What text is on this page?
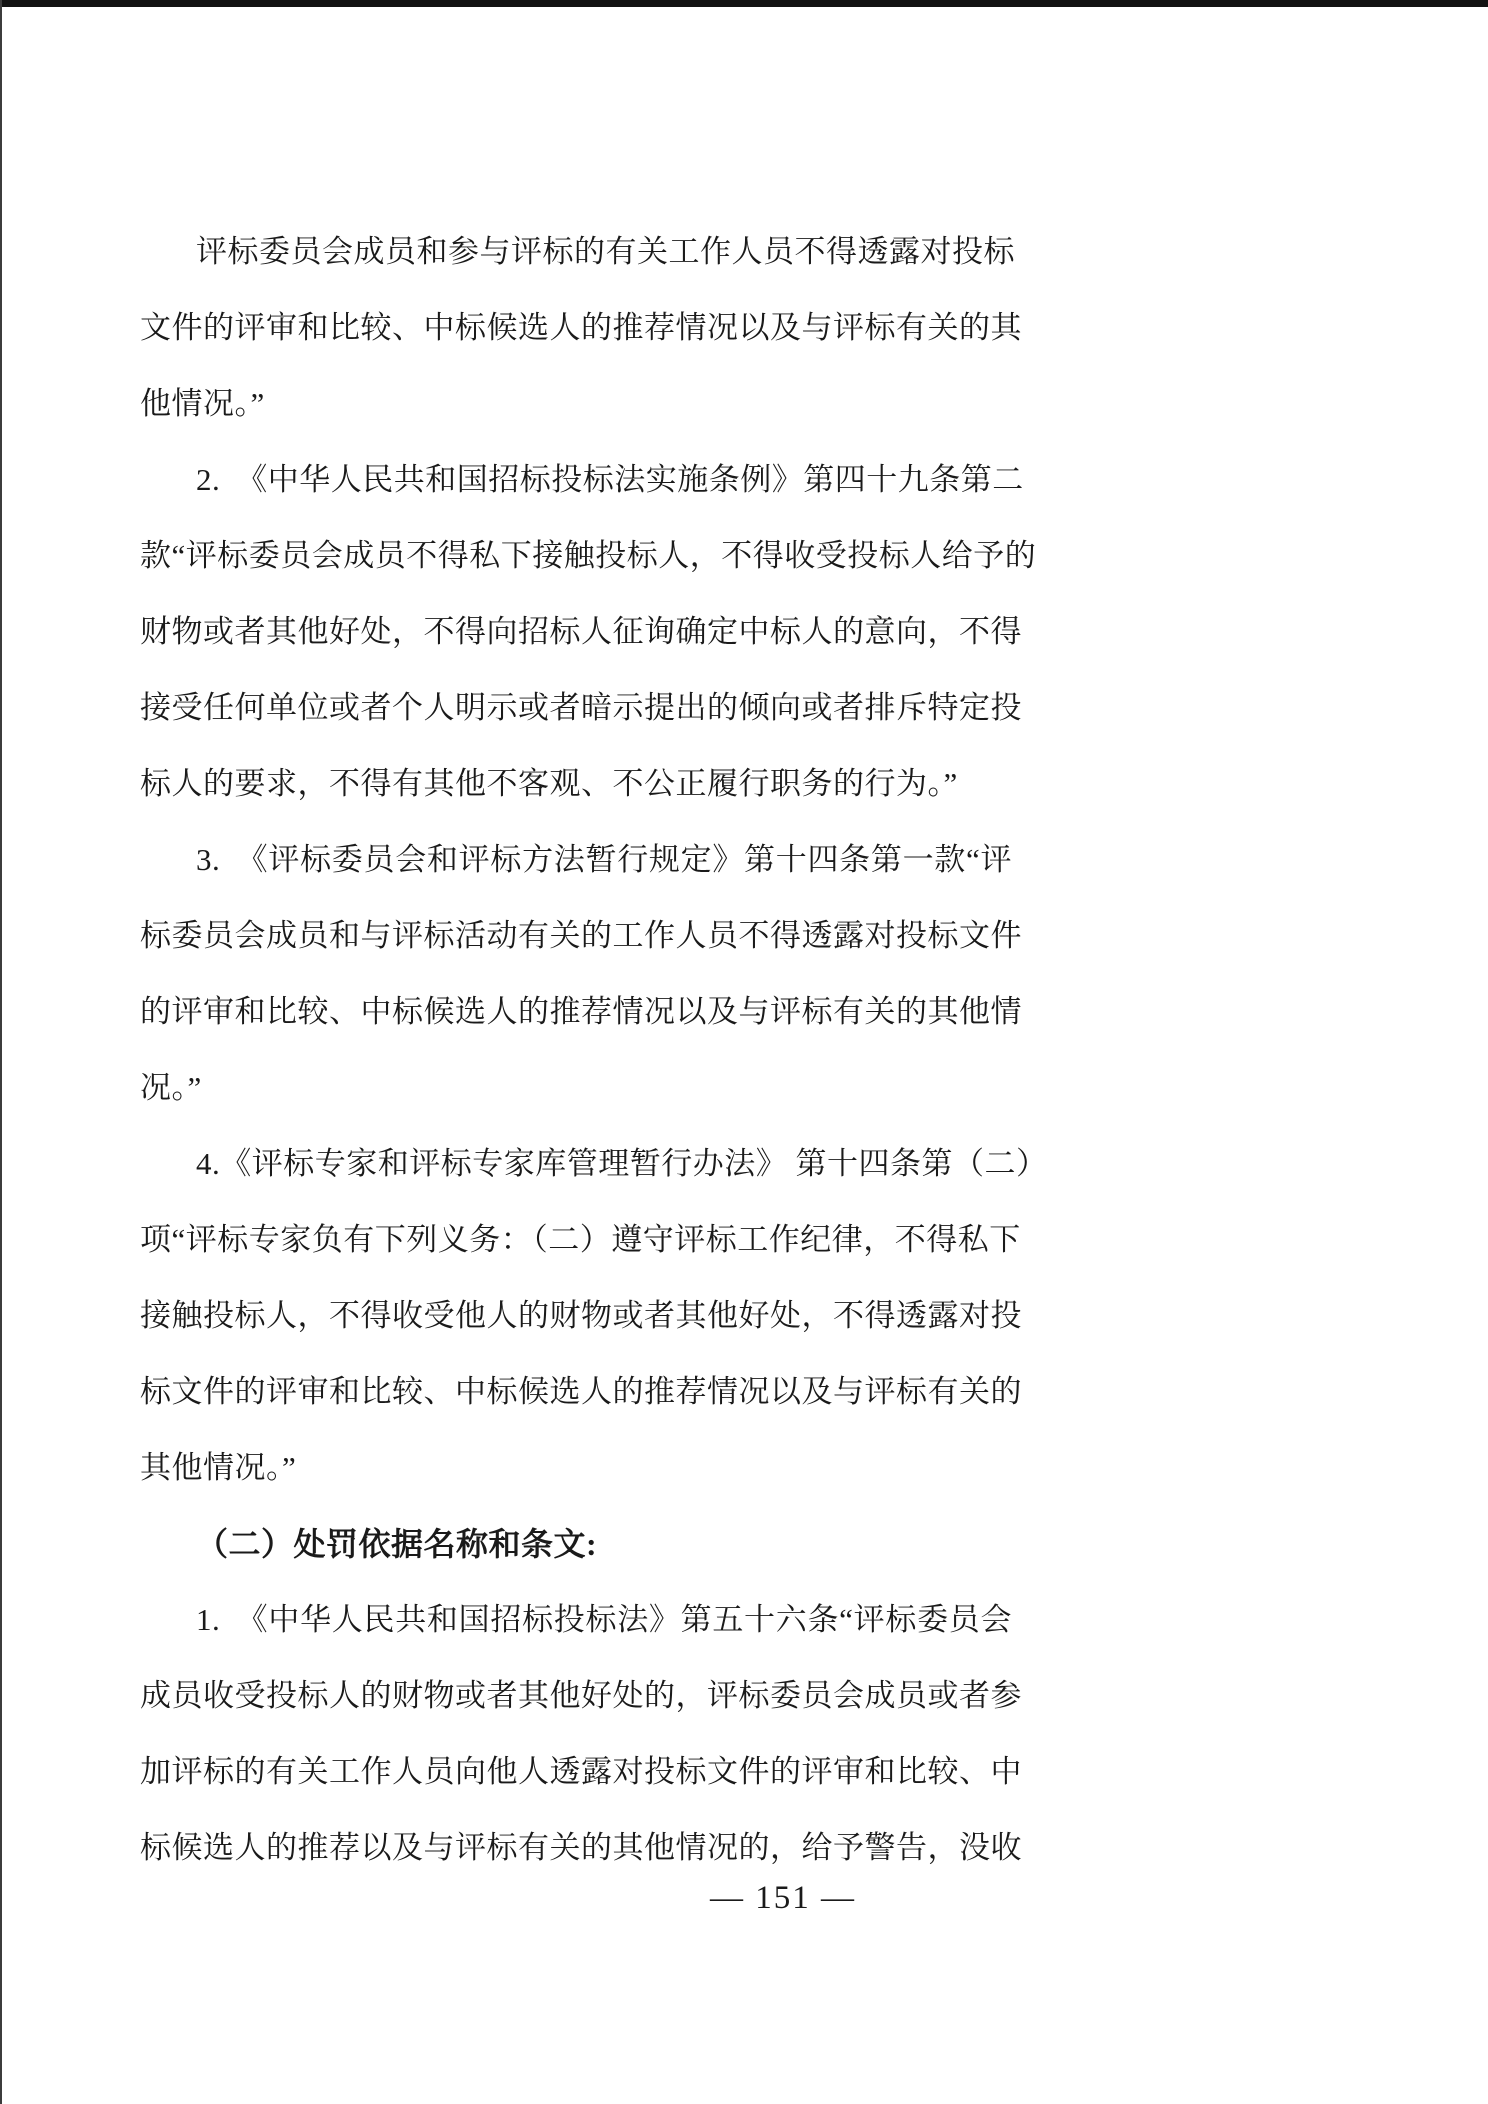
评标委员会成员和参与评标的有关工作人员不得透露对投标
文件的评审和比较、中标候选人的推荐情况以及与评标有关的其
他情况。”
2.　《中华人民共和国招标投标法实施条例》第四十九条第二
款“评标委员会成员不得私下接触投标人，不得收受投标人给予的
财物或者其他好处，不得向招标人征询确定中标人的意向，不得
接受任何单位或者个人明示或者暗示提出的倾向或者排斥特定投
标人的要求，不得有其他不客观、不公正履行职务的行为。”
3.　《评标委员会和评标方法暂行规定》第十四条第一款“评
标委员会成员和与评标活动有关的工作人员不得透露对投标文件
的评审和比较、中标候选人的推荐情况以及与评标有关的其他情
况。”
4.《评标专家和评标专家库管理暂行办法》 第十四条第（二）
项“评标专家负有下列义务：（二）遵守评标工作纪律，不得私下
接触投标人，不得收受他人的财物或者其他好处，不得透露对投
标文件的评审和比较、中标候选人的推荐情况以及与评标有关的
其他情况。”
（二）处罚依据名称和条文:
1.　《中华人民共和国招标投标法》第五十六条“评标委员会
成员收受投标人的财物或者其他好处的，评标委员会成员或者参
加评标的有关工作人员向他人透露对投标文件的评审和比较、中
标候选人的推荐以及与评标有关的其他情况的，给予警告，没收
— 151 —
